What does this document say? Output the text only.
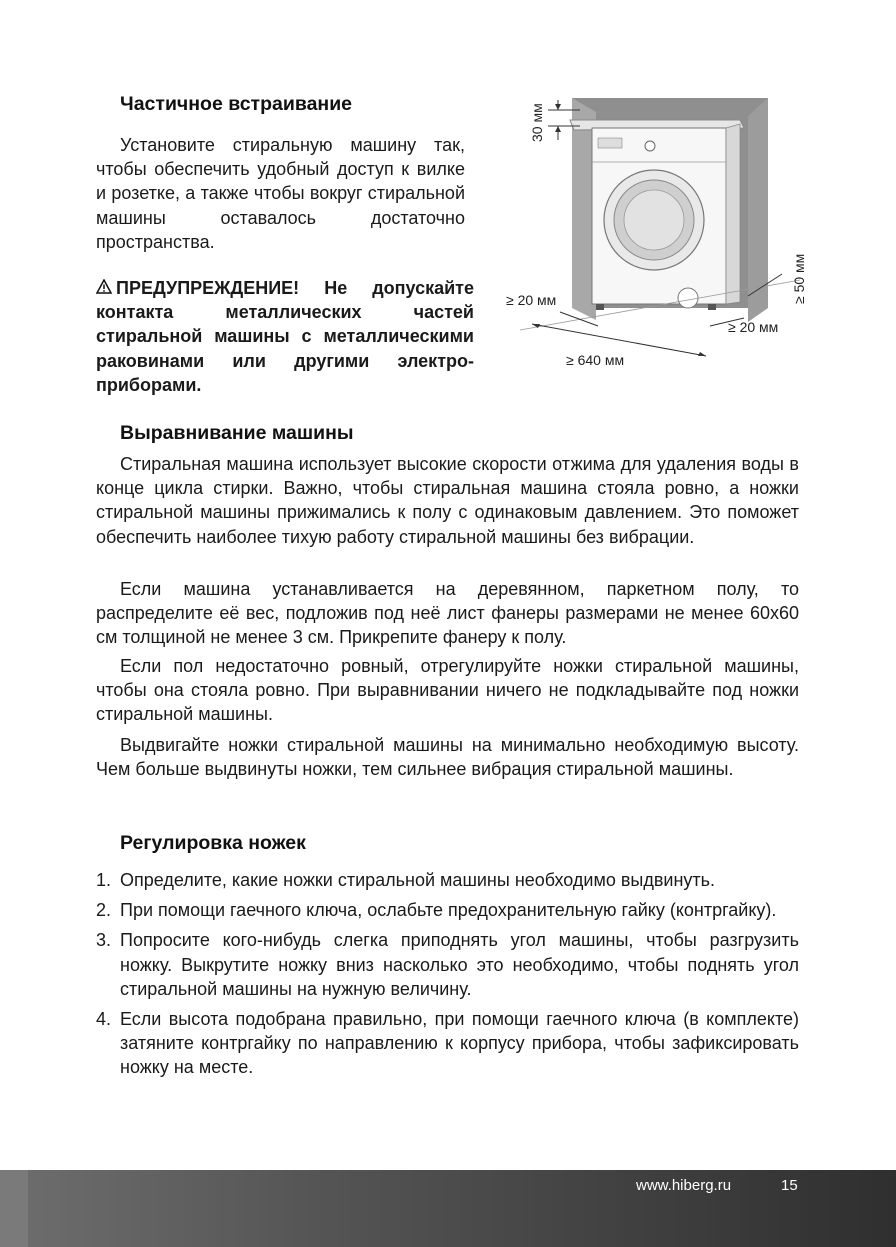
Частичное встраивание

Установите стиральную машину так, чтобы обеспечить удобный доступ к вилке и розетке, а также чтобы вокруг стиральной машины оставалось достаточно пространства.

ПРЕДУПРЕЖДЕНИЕ! Не допускайте контакта металлических частей стиральной машины с металлическими раковинами или другими электро-приборами.

30 мм
≥ 20 мм
≥ 20 мм
≥ 50 мм
≥ 640 мм
Выравнивание машины

Стиральная машина использует высокие скорости отжима для удаления воды в конце цикла стирки. Важно, чтобы стиральная машина стояла ровно, а ножки стиральной машины прижимались к полу с одинаковым давлением. Это поможет обеспечить наиболее тихую работу стиральной машины без вибрации.

Если машина устанавливается на деревянном, паркетном полу, то распределите её вес, подложив под неё лист фанеры размерами не менее 60x60 см толщиной не менее 3 см. Прикрепите фанеру к полу.

Если пол недостаточно ровный, отрегулируйте ножки стиральной машины, чтобы она стояла ровно. При выравнивании ничего не подкладывайте под ножки стиральной машины.

Выдвигайте ножки стиральной машины на минимально необходимую высоту. Чем больше выдвинуты ножки, тем сильнее вибрация стиральной машины.

Регулировка ножек
1. Определите, какие ножки стиральной машины необходимо выдвинуть.
2. При помощи гаечного ключа, ослабьте предохранительную гайку (контргайку).
3. Попросите кого-нибудь слегка приподнять угол машины, чтобы разгрузить ножку. Выкрутите ножку вниз насколько это необходимо, чтобы поднять угол стиральной машины на нужную величину.
4. Если высота подобрана правильно, при помощи гаечного ключа (в комплекте) затяните контргайку по направлению к корпусу прибора, чтобы зафиксировать ножку на месте.
www.hiberg.ru	15
